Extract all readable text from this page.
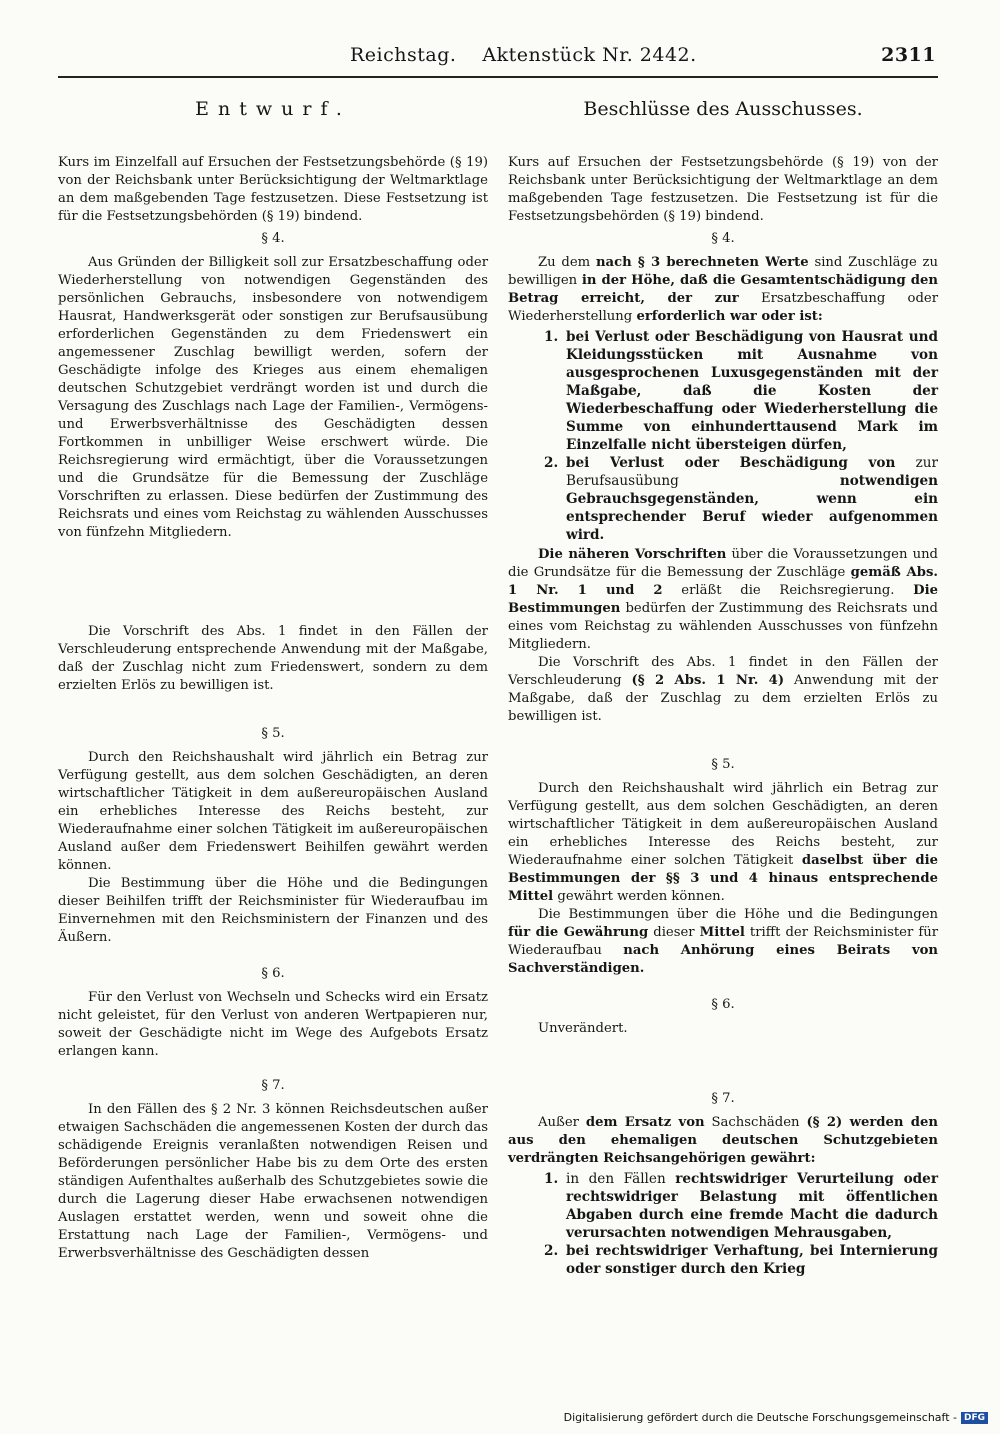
Reichstag. Aktenstück Nr. 2442.	2311
Entwurf.

Kurs im Einzelfall auf Ersuchen der Festsetzungsbehörde (§ 19) von der Reichsbank unter Berücksichtigung der Weltmarktlage an dem maßgebenden Tage festzusetzen. Diese Festsetzung ist für die Festsetzungsbehörden (§ 19) bindend.

§ 4.

Aus Gründen der Billigkeit soll zur Ersatzbeschaffung oder Wiederherstellung von notwendigen Gegenständen des persönlichen Gebrauchs, insbesondere von notwendigem Hausrat, Handwerksgerät oder sonstigen zur Berufsausübung erforderlichen Gegenständen zu dem Friedenswert ein angemessener Zuschlag bewilligt werden, sofern der Geschädigte infolge des Krieges aus einem ehemaligen deutschen Schutzgebiet verdrängt worden ist und durch die Versagung des Zuschlags nach Lage der Familien-, Vermögens- und Erwerbsverhältnisse des Geschädigten dessen Fortkommen in unbilliger Weise erschwert würde. Die Reichsregierung wird ermächtigt, über die Voraussetzungen und die Grundsätze für die Bemessung der Zuschläge Vorschriften zu erlassen. Diese bedürfen der Zustimmung des Reichsrats und eines vom Reichstag zu wählenden Ausschusses von fünfzehn Mitgliedern.

Die Vorschrift des Abs. 1 findet in den Fällen der Verschleuderung entsprechende Anwendung mit der Maßgabe, daß der Zuschlag nicht zum Friedenswert, sondern zu dem erzielten Erlös zu bewilligen ist.

§ 5.

Durch den Reichshaushalt wird jährlich ein Betrag zur Verfügung gestellt, aus dem solchen Geschädigten, an deren wirtschaftlicher Tätigkeit in dem außereuropäischen Ausland ein erhebliches Interesse des Reichs besteht, zur Wiederaufnahme einer solchen Tätigkeit im außereuropäischen Ausland außer dem Friedenswert Beihilfen gewährt werden können.

Die Bestimmung über die Höhe und die Bedingungen dieser Beihilfen trifft der Reichsminister für Wiederaufbau im Einvernehmen mit den Reichsministern der Finanzen und des Äußern.

§ 6.

Für den Verlust von Wechseln und Schecks wird ein Ersatz nicht geleistet, für den Verlust von anderen Wertpapieren nur, soweit der Geschädigte nicht im Wege des Aufgebots Ersatz erlangen kann.

§ 7.

In den Fällen des § 2 Nr. 3 können Reichsdeutschen außer etwaigen Sachschäden die angemessenen Kosten der durch das schädigende Ereignis veranlaßten notwendigen Reisen und Beförderungen persönlicher Habe bis zu dem Orte des ersten ständigen Aufenthaltes außerhalb des Schutzgebietes sowie die durch die Lagerung dieser Habe erwachsenen notwendigen Auslagen erstattet werden, wenn und soweit ohne die Erstattung nach Lage der Familien-, Vermögens- und Erwerbsverhältnisse des Geschädigten dessen

Beschlüsse des Ausschusses.

Kurs auf Ersuchen der Festsetzungsbehörde (§ 19) von der Reichsbank unter Berücksichtigung der Weltmarktlage an dem maßgebenden Tage festzusetzen. Die Festsetzung ist für die Festsetzungsbehörden (§ 19) bindend.

§ 4.

Zu dem nach § 3 berechneten Werte sind Zuschläge zu bewilligen in der Höhe, daß die Gesamtentschädigung den Betrag erreicht, der zur Ersatzbeschaffung oder Wiederherstellung erforderlich war oder ist:

1. bei Verlust oder Beschädigung von Hausrat und Kleidungsstücken mit Ausnahme von ausgesprochenen Luxusgegenständen mit der Maßgabe, daß die Kosten der Wiederbeschaffung oder Wiederherstellung die Summe von einhunderttausend Mark im Einzelfalle nicht übersteigen dürfen,
2. bei Verlust oder Beschädigung von zur Berufsausübung notwendigen Gebrauchsgegenständen, wenn ein entsprechender Beruf wieder aufgenommen wird.

Die näheren Vorschriften über die Voraussetzungen und die Grundsätze für die Bemessung der Zuschläge gemäß Abs. 1 Nr. 1 und 2 erläßt die Reichsregierung. Die Bestimmungen bedürfen der Zustimmung des Reichsrats und eines vom Reichstag zu wählenden Ausschusses von fünfzehn Mitgliedern.

Die Vorschrift des Abs. 1 findet in den Fällen der Verschleuderung (§ 2 Abs. 1 Nr. 4) Anwendung mit der Maßgabe, daß der Zuschlag zu dem erzielten Erlös zu bewilligen ist.

§ 5.

Durch den Reichshaushalt wird jährlich ein Betrag zur Verfügung gestellt, aus dem solchen Geschädigten, an deren wirtschaftlicher Tätigkeit in dem außereuropäischen Ausland ein erhebliches Interesse des Reichs besteht, zur Wiederaufnahme einer solchen Tätigkeit daselbst über die Bestimmungen der §§ 3 und 4 hinaus entsprechende Mittel gewährt werden können.

Die Bestimmungen über die Höhe und die Bedingungen für die Gewährung dieser Mittel trifft der Reichsminister für Wiederaufbau nach Anhörung eines Beirats von Sachverständigen.

§ 6.

Unverändert.

§ 7.

Außer dem Ersatz von Sachschäden (§ 2) werden den aus den ehemaligen deutschen Schutzgebieten verdrängten Reichsangehörigen gewährt:

1. in den Fällen rechtswidriger Verurteilung oder rechtswidriger Belastung mit öffentlichen Abgaben durch eine fremde Macht die dadurch verursachten notwendigen Mehrausgaben,
2. bei rechtswidriger Verhaftung, bei Internierung oder sonstiger durch den Krieg
Digitalisierung gefördert durch die Deutsche Forschungsgemeinschaft - DFG
